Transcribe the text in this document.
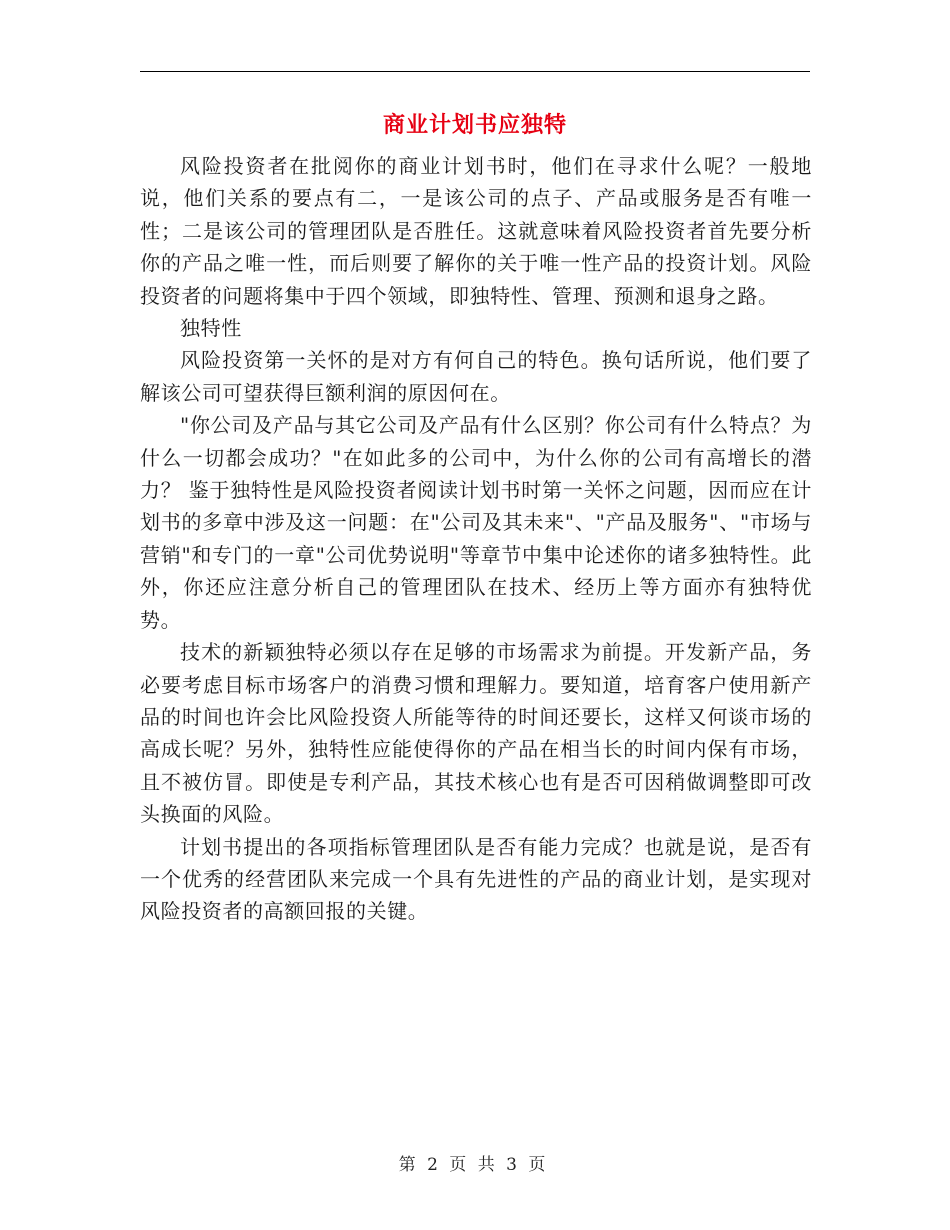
商业计划书应独特

风险投资者在批阅你的商业计划书时，他们在寻求什么呢？一般地说，他们关系的要点有二，一是该公司的点子、产品或服务是否有唯一性；二是该公司的管理团队是否胜任。这就意味着风险投资者首先要分析你的产品之唯一性，而后则要了解你的关于唯一性产品的投资计划。风险投资者的问题将集中于四个领域，即独特性、管理、预测和退身之路。

独特性

风险投资第一关怀的是对方有何自己的特色。换句话所说，他们要了解该公司可望获得巨额利润的原因何在。

"你公司及产品与其它公司及产品有什么区别？你公司有什么特点？为什么一切都会成功？"在如此多的公司中，为什么你的公司有高增长的潜力？ 鉴于独特性是风险投资者阅读计划书时第一关怀之问题，因而应在计划书的多章中涉及这一问题：在"公司及其未来"、"产品及服务"、"市场与营销"和专门的一章"公司优势说明"等章节中集中论述你的诸多独特性。此外，你还应注意分析自己的管理团队在技术、经历上等方面亦有独特优势。

技术的新颖独特必须以存在足够的市场需求为前提。开发新产品，务必要考虑目标市场客户的消费习惯和理解力。要知道，培育客户使用新产品的时间也许会比风险投资人所能等待的时间还要长，这样又何谈市场的高成长呢？另外，独特性应能使得你的产品在相当长的时间内保有市场，且不被仿冒。即使是专利产品，其技术核心也有是否可因稍做调整即可改头换面的风险。

计划书提出的各项指标管理团队是否有能力完成？也就是说，是否有一个优秀的经营团队来完成一个具有先进性的产品的商业计划，是实现对风险投资者的高额回报的关键。

第 2 页 共 3 页
